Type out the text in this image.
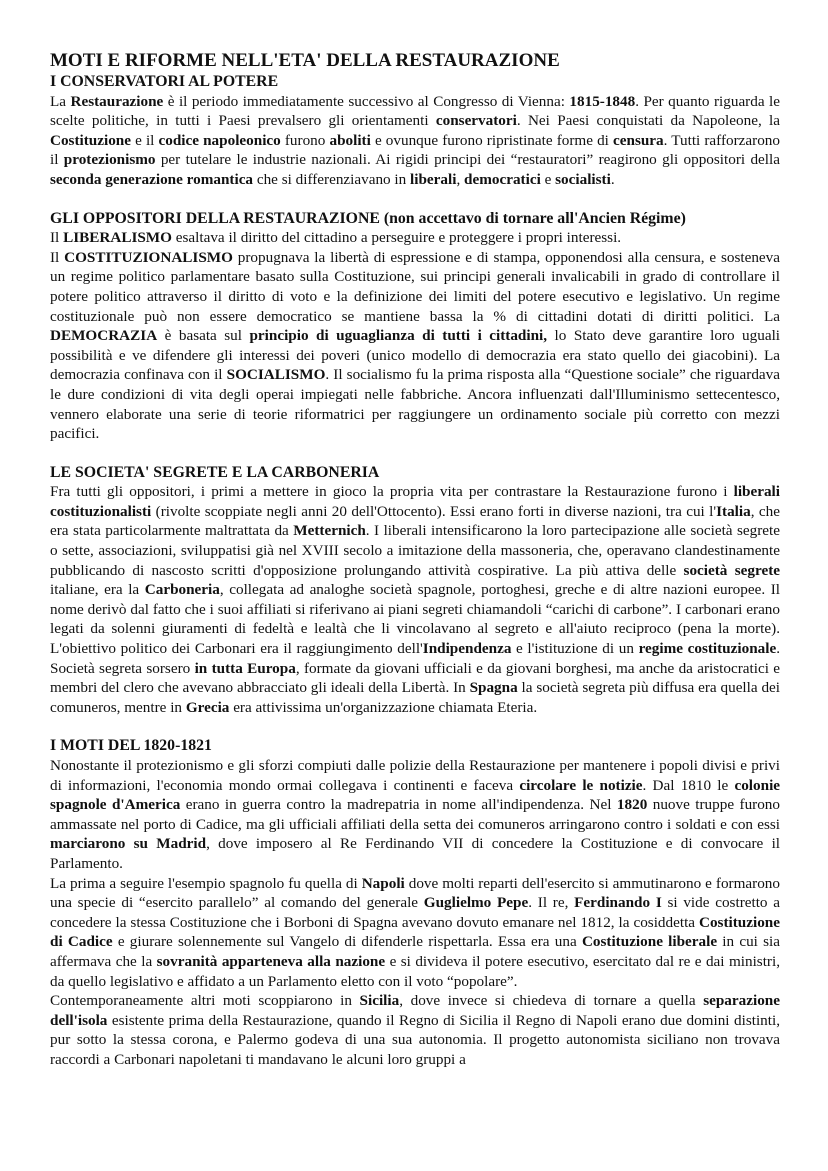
MOTI E RIFORME NELL'ETA' DELLA RESTAURAZIONE
I CONSERVATORI AL POTERE

La Restaurazione è il periodo immediatamente successivo al Congresso di Vienna: 1815-1848. Per quanto riguarda le scelte politiche, in tutti i Paesi prevalsero gli orientamenti conservatori. Nei Paesi conquistati da Napoleone, la Costituzione e il codice napoleonico furono aboliti e ovunque furono ripristinate forme di censura. Tutti rafforzarono il protezionismo per tutelare le industrie nazionali. Ai rigidi principi dei “restauratori” reagirono gli oppositori della seconda generazione romantica che si differenziavano in liberali, democratici e socialisti.

GLI OPPOSITORI DELLA RESTAURAZIONE (non accettavo di tornare all'Ancien Régime)

Il LIBERALISMO esaltava il diritto del cittadino a perseguire e proteggere i propri interessi.

Il COSTITUZIONALISMO propugnava la libertà di espressione e di stampa, opponendosi alla censura, e sosteneva un regime politico parlamentare basato sulla Costituzione, sui principi generali invalicabili in grado di controllare il potere politico attraverso il diritto di voto e la definizione dei limiti del potere esecutivo e legislativo. Un regime costituzionale può non essere democratico se mantiene bassa la % di cittadini dotati di diritti politici. La DEMOCRAZIA è basata sul principio di uguaglianza di tutti i cittadini, lo Stato deve garantire loro uguali possibilità e ve difendere gli interessi dei poveri (unico modello di democrazia era stato quello dei giacobini). La democrazia confinava con il SOCIALISMO. Il socialismo fu la prima risposta alla “Questione sociale” che riguardava le dure condizioni di vita degli operai impiegati nelle fabbriche. Ancora influenzati dall'Illuminismo settecentesco, vennero elaborate una serie di teorie riformatrici per raggiungere un ordinamento sociale più corretto con mezzi pacifici.

LE SOCIETA' SEGRETE E LA CARBONERIA

Fra tutti gli oppositori, i primi a mettere in gioco la propria vita per contrastare la Restaurazione furono i liberali costituzionalisti (rivolte scoppiate negli anni 20 dell'Ottocento). Essi erano forti in diverse nazioni, tra cui l'Italia, che era stata particolarmente maltrattata da Metternich. I liberali intensificarono la loro partecipazione alle società segrete o sette, associazioni, sviluppatisi già nel XVIII secolo a imitazione della massoneria, che, operavano clandestinamente pubblicando di nascosto scritti d'opposizione prolungando attività cospirative. La più attiva delle società segrete italiane, era la Carboneria, collegata ad analoghe società spagnole, portoghesi, greche e di altre nazioni europee. Il nome derivò dal fatto che i suoi affiliati si riferivano ai piani segreti chiamandoli “carichi di carbone”. I carbonari erano legati da solenni giuramenti di fedeltà e lealtà che li vincolavano al segreto e all'aiuto reciproco (pena la morte). L'obiettivo politico dei Carbonari era il raggiungimento dell'Indipendenza e l'istituzione di un regime costituzionale. Società segreta sorsero in tutta Europa, formate da giovani ufficiali e da giovani borghesi, ma anche da aristocratici e membri del clero che avevano abbracciato gli ideali della Libertà. In Spagna la società segreta più diffusa era quella dei comuneros, mentre in Grecia era attivissima un'organizzazione chiamata Eteria.

I MOTI DEL 1820-1821

Nonostante il protezionismo e gli sforzi compiuti dalle polizie della Restaurazione per mantenere i popoli divisi e privi di informazioni, l'economia mondo ormai collegava i continenti e faceva circolare le notizie. Dal 1810 le colonie spagnole d'America erano in guerra contro la madrepatria in nome all'indipendenza. Nel 1820 nuove truppe furono ammassate nel porto di Cadice, ma gli ufficiali affiliati della setta dei comuneros arringarono contro i soldati e con essi marciarono su Madrid, dove imposero al Re Ferdinando VII di concedere la Costituzione e di convocare il Parlamento.

La prima a seguire l'esempio spagnolo fu quella di Napoli dove molti reparti dell'esercito si ammutinarono e formarono una specie di “esercito parallelo” al comando del generale Guglielmo Pepe. Il re, Ferdinando I si vide costretto a concedere la stessa Costituzione che i Borboni di Spagna avevano dovuto emanare nel 1812, la cosiddetta Costituzione di Cadice e giurare solennemente sul Vangelo di difenderle rispettarla. Essa era una Costituzione liberale in cui sia affermava che la sovranità apparteneva alla nazione e si divideva il potere esecutivo, esercitato dal re e dai ministri, da quello legislativo e affidato a un Parlamento eletto con il voto “popolare”.

Contemporaneamente altri moti scoppiarono in Sicilia, dove invece si chiedeva di tornare a quella separazione dell'isola esistente prima della Restaurazione, quando il Regno di Sicilia il Regno di Napoli erano due domini distinti, pur sotto la stessa corona, e Palermo godeva di una sua autonomia. Il progetto autonomista siciliano non trovava raccordi a Carbonari napoletani ti mandavano le alcuni loro gruppi a
